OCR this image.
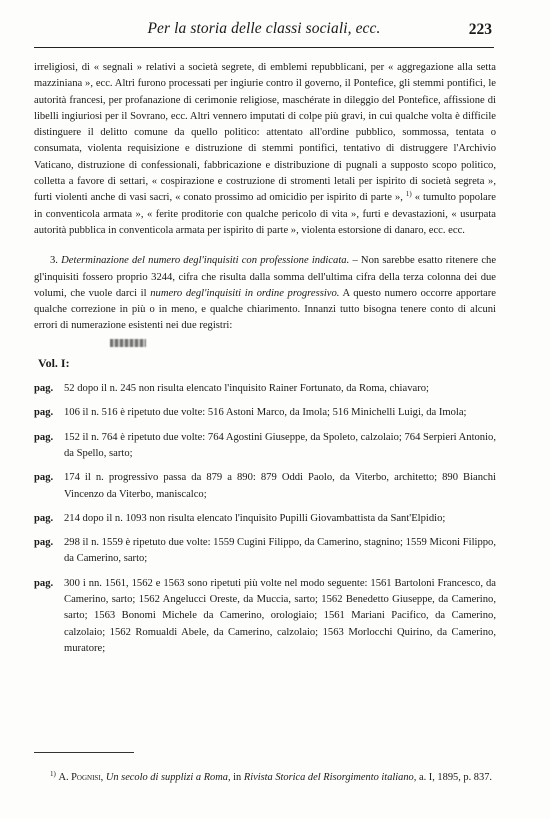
Per la storia delle classi sociali, ecc.	223

irreligiosi, di « segnali » relativi a società segrete, di emblemi repubblicani, per « aggregazione alla setta mazziniana », ecc. Altri furono processati per ingiurie contro il governo, il Pontefice, gli stemmi pontifici, le autorità francesi, per profanazione di cerimonie religiose, maschérate in dileggio del Pontefice, affissione di libelli ingiuriosi per il Sovrano, ecc. Altri vennero imputati di colpe più gravi, in cui qualche volta è difficile distinguere il delitto comune da quello politico: attentato all'ordine pubblico, sommossa, tentata o consumata, violenta requisizione e distruzione di stemmi pontifici, tentativo di distruggere l'Archivio Vaticano, distruzione di confessionali, fabbricazione e distribuzione di pugnali a supposto scopo politico, colletta a favore di settari, « cospirazione e costruzione di stromenti letali per ispirito di società segreta », furti violenti anche di vasi sacri, « conato prossimo ad omicidio per ispirito di parte », $^{1)}$ « tumulto popolare in conventicola armata », « ferite proditorie con qualche pericolo di vita », furti e devastazioni, « usurpata autorità pubblica in conventicola armata per ispirito di parte », violenta estorsione di danaro, ecc. ecc.

3. Determinazione del numero degl'inquisiti con professione indicata. – Non sarebbe esatto ritenere che gl'inquisiti fossero proprio 3244, cifra che risulta dalla somma dell'ultima cifra della terza colonna dei due volumi, che vuole darci il numero degl'inquisiti in ordine progressivo. A questo numero occorre apportare qualche correzione in più o in meno, e qualche chiarimento. Innanzi tutto bisogna tenere conto di alcuni errori di numerazione esistenti nei due registri:

Vol. I:

pag.	52 dopo il n. 245 non risulta elencato l'inquisito Rainer Fortunato, da Roma, chiavaro;
pag.	106 il n. 516 è ripetuto due volte: 516 Astoni Marco, da Imola; 516 Minichelli Luigi, da Imola;
pag.	152 il n. 764 è ripetuto due volte: 764 Agostini Giuseppe, da Spoleto, calzolaio; 764 Serpieri Antonio, da Spello, sarto;
pag.	174 il n. progressivo passa da 879 a 890: 879 Oddi Paolo, da Viterbo, architetto; 890 Bianchi Vincenzo da Viterbo, maniscalco;
pag.	214 dopo il n. 1093 non risulta elencato l'inquisito Pupilli Giovambattista da Sant'Elpidio;
pag.	298 il n. 1559 è ripetuto due volte: 1559 Cugini Filippo, da Camerino, stagnino; 1559 Miconi Filippo, da Camerino, sarto;
pag.	300 i nn. 1561, 1562 e 1563 sono ripetuti più volte nel modo seguente: 1561 Bartoloni Francesco, da Camerino, sarto; 1562 Angelucci Oreste, da Muccia, sarto; 1562 Benedetto Giuseppe, da Camerino, sarto; 1563 Bonomi Michele da Camerino, orologiaio; 1561 Mariani Pacifico, da Camerino, calzolaio; 1562 Romualdi Abele, da Camerino, calzolaio; 1563 Morlocchi Quirino, da Camerino, muratore;

$^{1)}$ A. Pognisi, Un secolo di supplizi a Roma, in Rivista Storica del Risorgimento italiano, a. I, 1895, p. 837.
